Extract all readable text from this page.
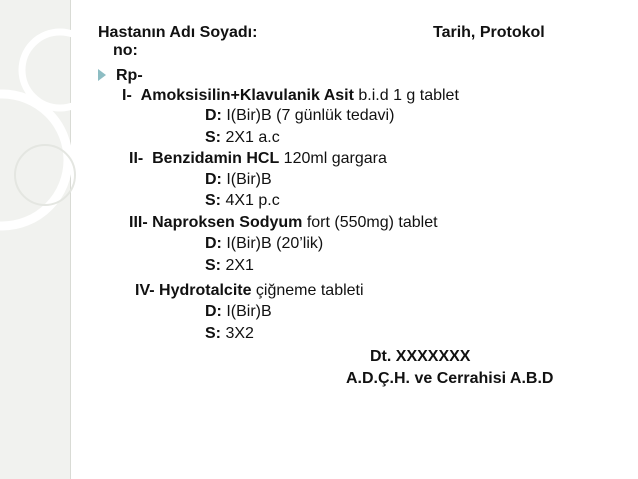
Hastanın Adı Soyadı:	Tarih, Protokol
no:
Rp-
I- Amoksisilin+Klavulanik Asit b.i.d 1 g tablet
D: I(Bir)B (7 günlük tedavi)
S: 2X1 a.c
II- Benzidamin HCL 120ml gargara
D: I(Bir)B
S: 4X1 p.c
III- Naproksen Sodyum fort (550mg) tablet
D: I(Bir)B (20’lik)
S: 2X1
IV- Hydrotalcite çiğneme tableti
D: I(Bir)B
S: 3X2
Dt. XXXXXXX
A.D.Ç.H. ve Cerrahisi A.B.D
